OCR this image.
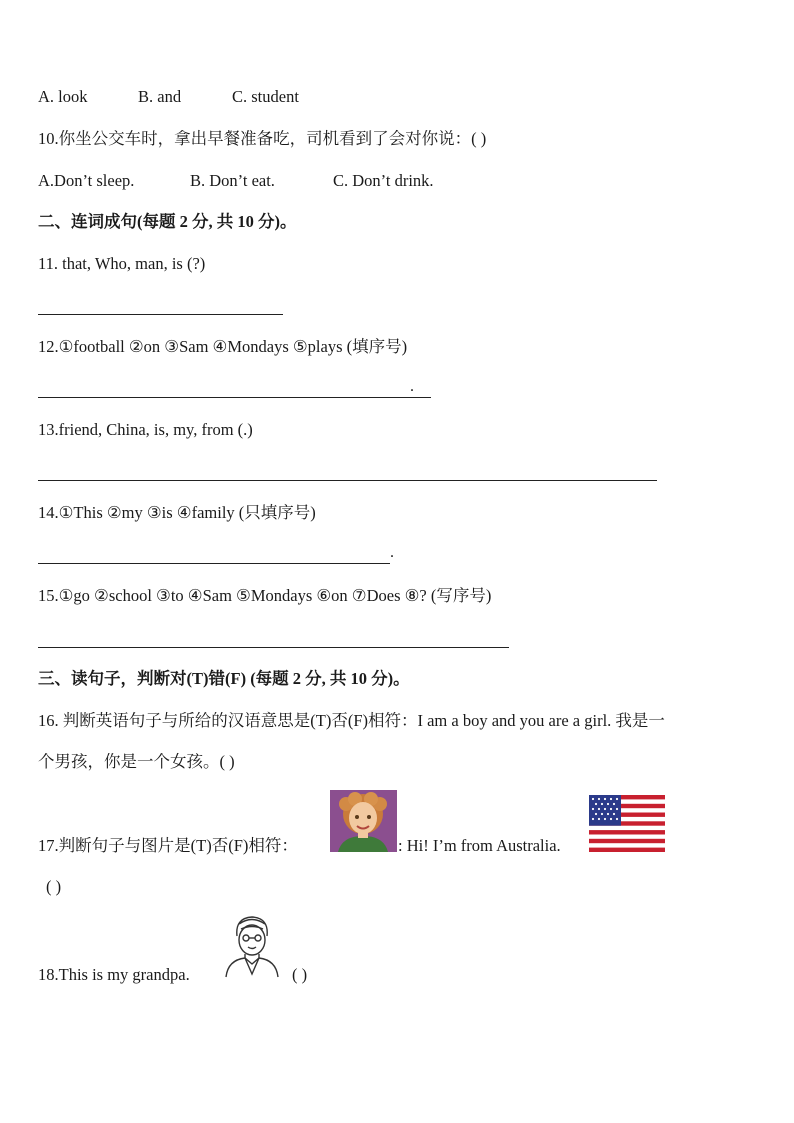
A. look	B. and	C. student
10.你坐公交车时，拿出早餐准备吃，司机看到了会对你说：( )
A.Don’t sleep.	B. Don’t eat.	C. Don’t drink.
二、连词成句(每题 2 分, 共 10 分)。
11. that, Who, man, is (?)
12.①football ②on ③Sam ④Mondays ⑤plays (填序号)
.
13.friend, China, is, my, from (.)
14.①This ②my ③is ④family (只填序号)
.
15.①go ②school ③to ④Sam ⑤Mondays ⑥on ⑦Does ⑧? (写序号)
三、读句子，判断对(T)错(F) (每题 2 分, 共 10 分)。
16. 判断英语句子与所给的汉语意思是(T)否(F)相符：I am a boy and you are a girl. 我是一
个男孩，你是一个女孩。( )
17.判断句子与图片是(T)否(F)相符：	: Hi! I’m from Australia.
( )
18.This is my grandpa.	( )
